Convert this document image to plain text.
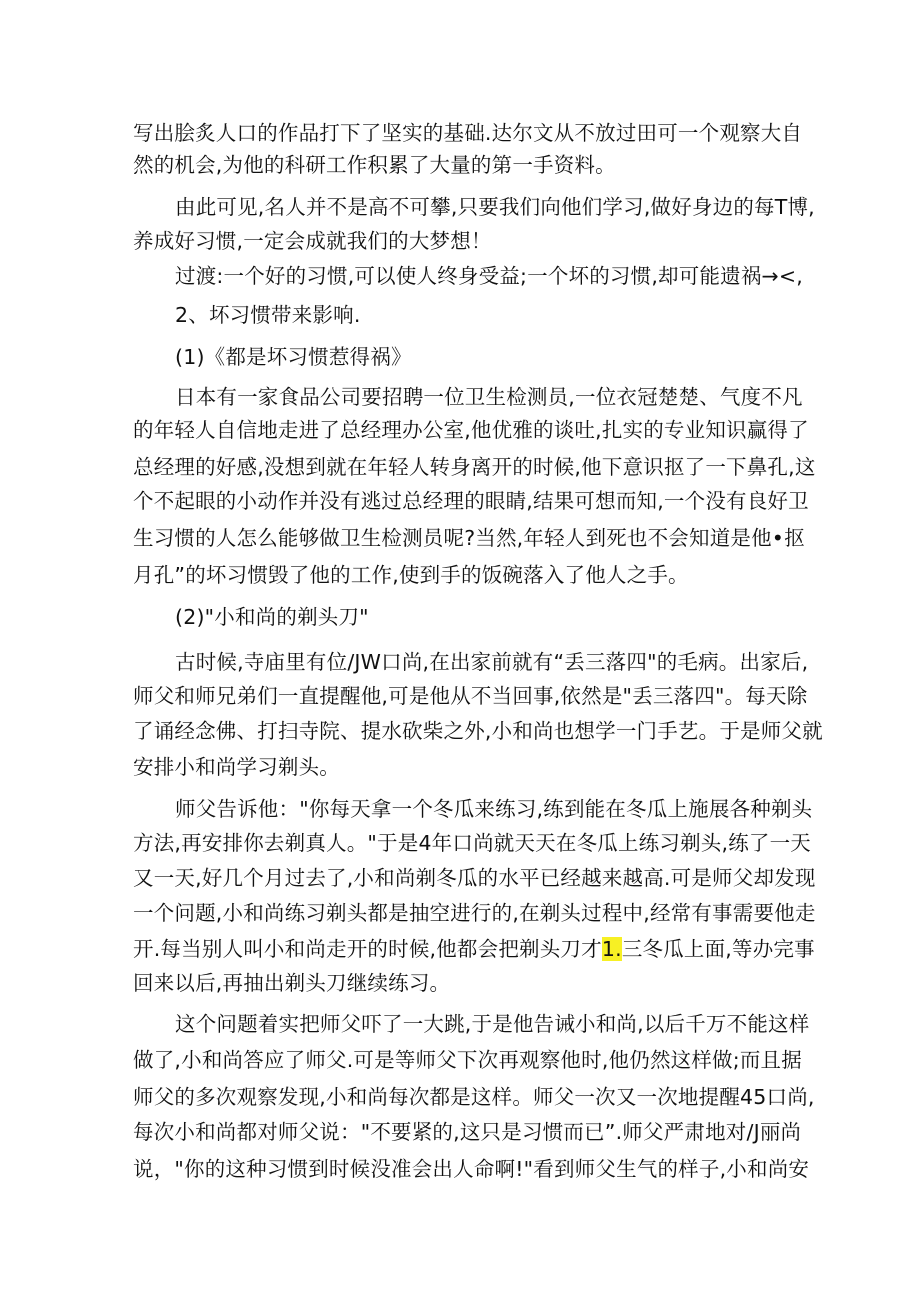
写出脍炙人口的作品打下了坚实的基础.达尔文从不放过田可一个观察大自
然的机会,为他的科研工作积累了大量的第一手资料。
由此可见,名人并不是高不可攀,只要我们向他们学习,做好身边的每T博,
养成好习惯,一定会成就我们的大梦想！
过渡:一个好的习惯,可以使人终身受益;一个坏的习惯,却可能遗祸→<,
2、坏习惯带来影响.
(1)《都是坏习惯惹得祸》
日本有一家食品公司要招聘一位卫生检测员,一位衣冠楚楚、气度不凡
的年轻人自信地走进了总经理办公室,他优雅的谈吐,扎实的专业知识赢得了
总经理的好感,没想到就在年轻人转身离开的时候,他下意识抠了一下鼻孔,这
个不起眼的小动作并没有逃过总经理的眼睛,结果可想而知,一个没有良好卫
生习惯的人怎么能够做卫生检测员呢?当然,年轻人到死也不会知道是他•抠
月孔”的坏习惯毁了他的工作,使到手的饭碗落入了他人之手。
(2)"小和尚的剃头刀"
古时候,寺庙里有位/JW口尚,在出家前就有“丢三落四"的毛病。出家后,
师父和师兄弟们一直提醒他,可是他从不当回事,依然是"丢三落四"。每天除
了诵经念佛、打扫寺院、提水砍柴之外,小和尚也想学一门手艺。于是师父就
安排小和尚学习剃头。
师父告诉他："你每天拿一个冬瓜来练习,练到能在冬瓜上施展各种剃头
方法,再安排你去剃真人。"于是4年口尚就天天在冬瓜上练习剃头,练了一天
又一天,好几个月过去了,小和尚剃冬瓜的水平已经越来越高.可是师父却发现
一个问题,小和尚练习剃头都是抽空进行的,在剃头过程中,经常有事需要他走
开.每当别人叫小和尚走开的时候,他都会把剃头刀才1.三冬瓜上面,等办完事
回来以后,再抽出剃头刀继续练习。
这个问题着实把师父吓了一大跳,于是他告诫小和尚,以后千万不能这样
做了,小和尚答应了师父.可是等师父下次再观察他时,他仍然这样做;而且据
师父的多次观察发现,小和尚每次都是这样。师父一次又一次地提醒45口尚,
每次小和尚都对师父说："不要紧的,这只是习惯而已”.师父严肃地对/J丽尚
说，"你的这种习惯到时候没准会出人命啊!"看到师父生气的样子,小和尚安
